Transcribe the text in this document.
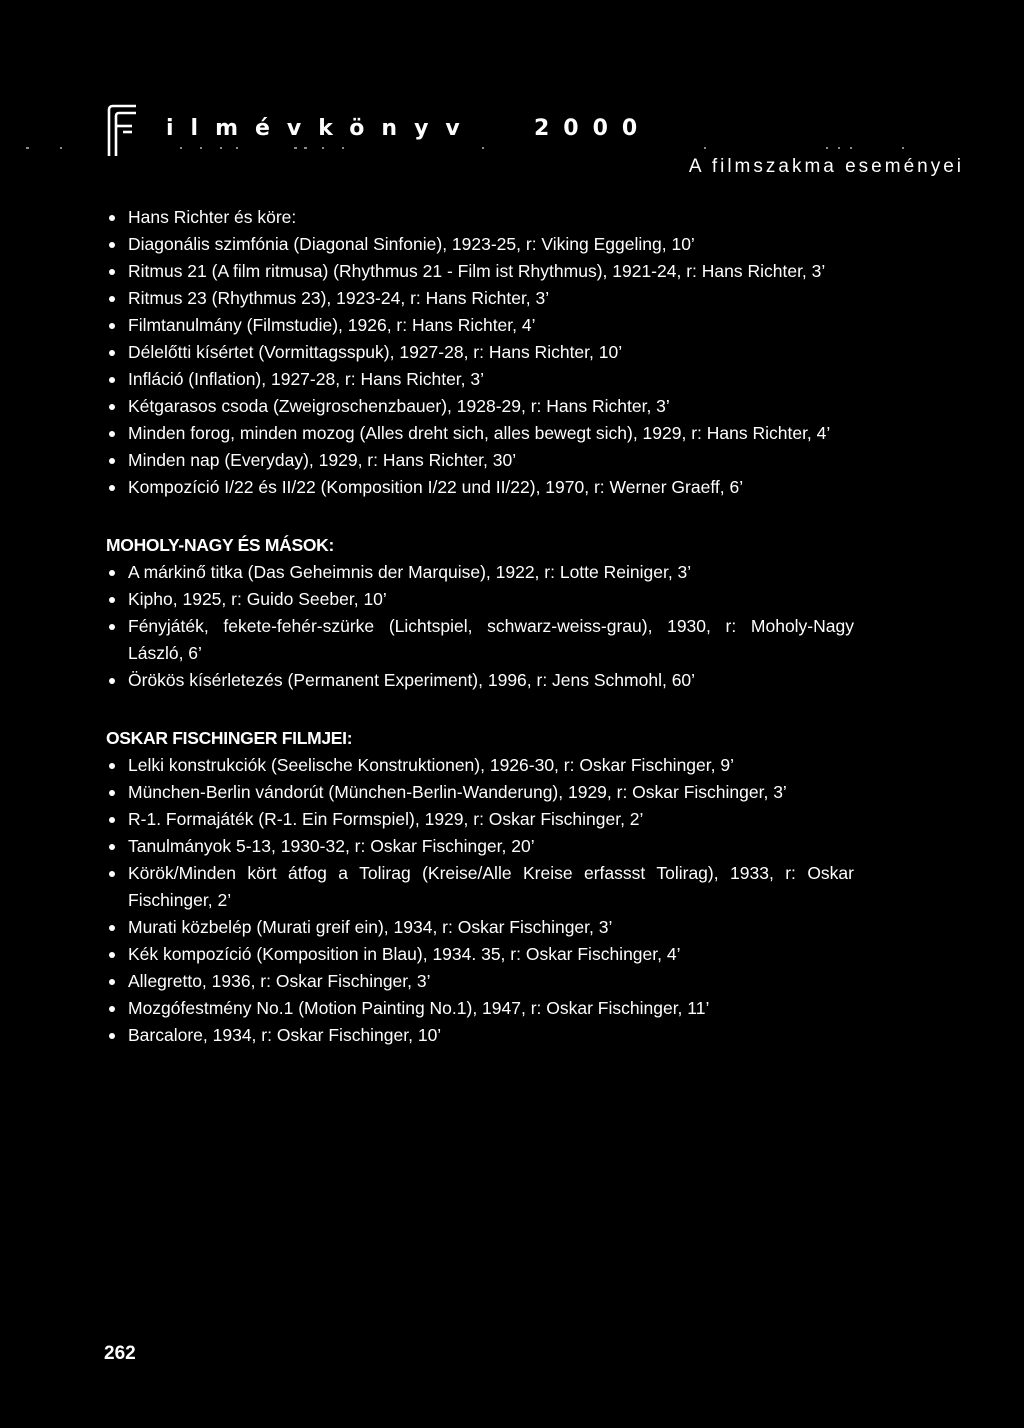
ilmévkönyv	2000
A filmszakma eseményei
Hans Richter és köre:
Diagonális szimfónia (Diagonal Sinfonie), 1923-25, r: Viking Eggeling, 10’
Ritmus 21 (A film ritmusa) (Rhythmus 21 - Film ist Rhythmus), 1921-24, r: Hans Richter, 3’
Ritmus 23 (Rhythmus 23), 1923-24, r: Hans Richter, 3’
Filmtanulmány (Filmstudie), 1926, r: Hans Richter, 4’
Délelőtti kísértet (Vormittagsspuk), 1927-28, r: Hans Richter, 10’
Infláció (Inflation), 1927-28, r: Hans Richter, 3’
Kétgarasos csoda (Zweigroschenzbauer), 1928-29, r: Hans Richter, 3’
Minden forog, minden mozog (Alles dreht sich, alles bewegt sich), 1929, r: Hans Richter, 4’
Minden nap (Everyday), 1929, r: Hans Richter, 30’
Kompozíció I/22 és II/22 (Komposition I/22 und II/22), 1970, r: Werner Graeff, 6’
MOHOLY-NAGY ÉS MÁSOK:
A márkinő titka (Das Geheimnis der Marquise), 1922, r: Lotte Reiniger, 3’
Kipho, 1925, r: Guido Seeber, 10’
Fényjáték, fekete-fehér-szürke (Lichtspiel, schwarz-weiss-grau), 1930, r: Moholy-Nagy László, 6’
Örökös kísérletezés (Permanent Experiment), 1996, r: Jens Schmohl, 60’
OSKAR FISCHINGER FILMJEI:
Lelki konstrukciók (Seelische Konstruktionen), 1926-30, r: Oskar Fischinger, 9’
München-Berlin vándorút (München-Berlin-Wanderung), 1929, r: Oskar Fischinger, 3’
R-1. Formajáték (R-1. Ein Formspiel), 1929, r: Oskar Fischinger, 2’
Tanulmányok 5-13, 1930-32, r: Oskar Fischinger, 20’
Körök/Minden kört átfog a Tolirag (Kreise/Alle Kreise erfassst Tolirag), 1933, r: Oskar Fischinger, 2’
Murati közbelép (Murati greif ein), 1934, r: Oskar Fischinger, 3’
Kék kompozíció (Komposition in Blau), 1934. 35, r: Oskar Fischinger, 4’
Allegretto, 1936, r: Oskar Fischinger, 3’
Mozgófestmény No.1 (Motion Painting No.1), 1947, r: Oskar Fischinger, 11’
Barcalore, 1934, r: Oskar Fischinger, 10’
262
